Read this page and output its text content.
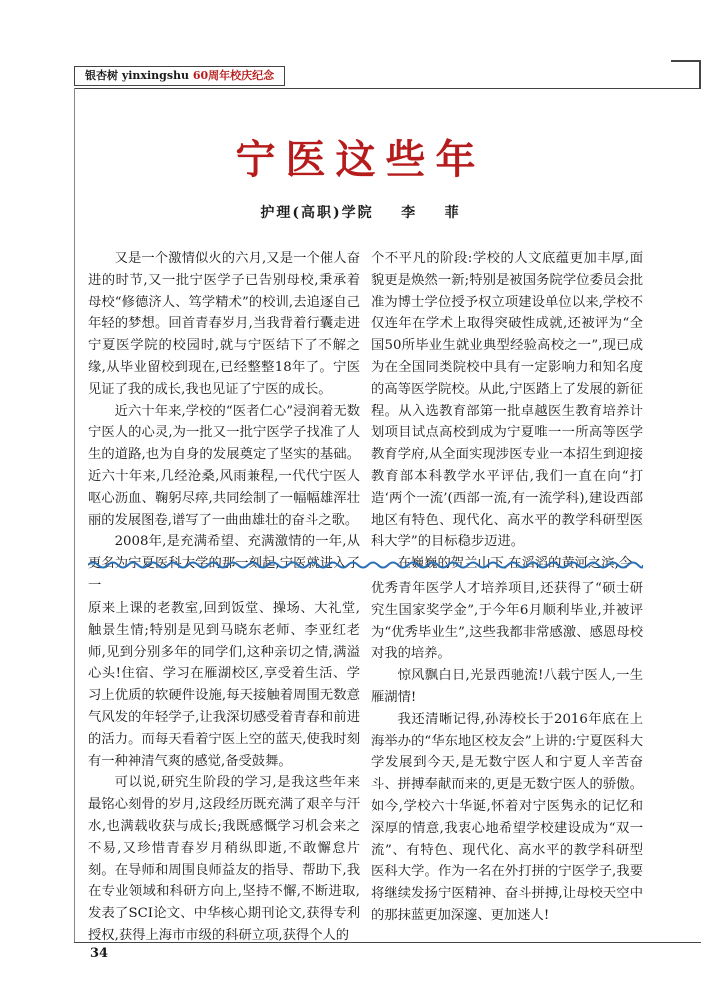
银杏树 yinxingshu 60周年校庆纪念
宁医这些年
护理(高职)学院    李    菲

又是一个激情似火的六月,又是一个催人奋进的时节,又一批宁医学子已告别母校,秉承着母校“修德济人、笃学精术”的校训,去追逐自己年轻的梦想。回首青春岁月,当我背着行囊走进宁夏医学院的校园时,就与宁医结下了不解之缘,从毕业留校到现在,已经整整18年了。宁医见证了我的成长,我也见证了宁医的成长。

近六十年来,学校的“医者仁心”浸润着无数宁医人的心灵,为一批又一批宁医学子找准了人生的道路,也为自身的发展奠定了坚实的基础。近六十年来,几经沧桑,风雨兼程,一代代宁医人呕心沥血、鞠躬尽瘁,共同绘制了一幅幅雄浑壮丽的发展图卷,谱写了一曲曲雄壮的奋斗之歌。

2008年,是充满希望、充满激情的一年,从更名为宁夏医科大学的那一刻起,宁医就进入了一

个不平凡的阶段:学校的人文底蕴更加丰厚,面貌更是焕然一新;特别是被国务院学位委员会批准为博士学位授予权立项建设单位以来,学校不仅连年在学术上取得突破性成就,还被评为“全国50所毕业生就业典型经验高校之一”,现已成为在全国同类院校中具有一定影响力和知名度的高等医学院校。从此,宁医踏上了发展的新征程。从入选教育部第一批卓越医生教育培养计划项目试点高校到成为宁夏唯一一所高等医学教育学府,从全面实现涉医专业一本招生到迎接教育部本科教学水平评估,我们一直在向“打造‘两个一流’(西部一流,有一流学科),建设西部地区有特色、现代化、高水平的教学科研型医科大学”的目标稳步迈进。

在巍巍的贺兰山下,在滔滔的黄河之滨,今

原来上课的老教室,回到饭堂、操场、大礼堂,触景生情;特别是见到马晓东老师、李亚红老师,见到分别多年的同学们,这种亲切之情,满溢心头!住宿、学习在雁湖校区,享受着生活、学习上优质的软硬件设施,每天接触着周围无数意气风发的年轻学子,让我深切感受着青春和前进的活力。而每天看着宁医上空的蓝天,使我时刻有一种神清气爽的感觉,备受鼓舞。

可以说,研究生阶段的学习,是我这些年来最铭心刻骨的岁月,这段经历既充满了艰辛与汗水,也满载收获与成长;我既感慨学习机会来之不易,又珍惜青春岁月稍纵即逝,不敢懈怠片刻。在导师和周围良师益友的指导、帮助下,我在专业领域和科研方向上,坚持不懈,不断进取,发表了SCI论文、中华核心期刊论文,获得专利授权,获得上海市市级的科研立项,获得个人的

优秀青年医学人才培养项目,还获得了“硕士研究生国家奖学金”,于今年6月顺利毕业,并被评为“优秀毕业生”,这些我都非常感激、感恩母校对我的培养。

惊风飘白日,光景西驰流!八载宁医人,一生雁湖情!

我还清晰记得,孙涛校长于2016年底在上海举办的“华东地区校友会”上讲的:宁夏医科大学发展到今天,是无数宁医人和宁夏人辛苦奋斗、拼搏奉献而来的,更是无数宁医人的骄傲。如今,学校六十华诞,怀着对宁医隽永的记忆和深厚的情意,我衷心地希望学校建设成为“双一流”、有特色、现代化、高水平的教学科研型医科大学。作为一名在外打拼的宁医学子,我要将继续发扬宁医精神、奋斗拼搏,让母校天空中的那抹蓝更加深邃、更加迷人!

34
